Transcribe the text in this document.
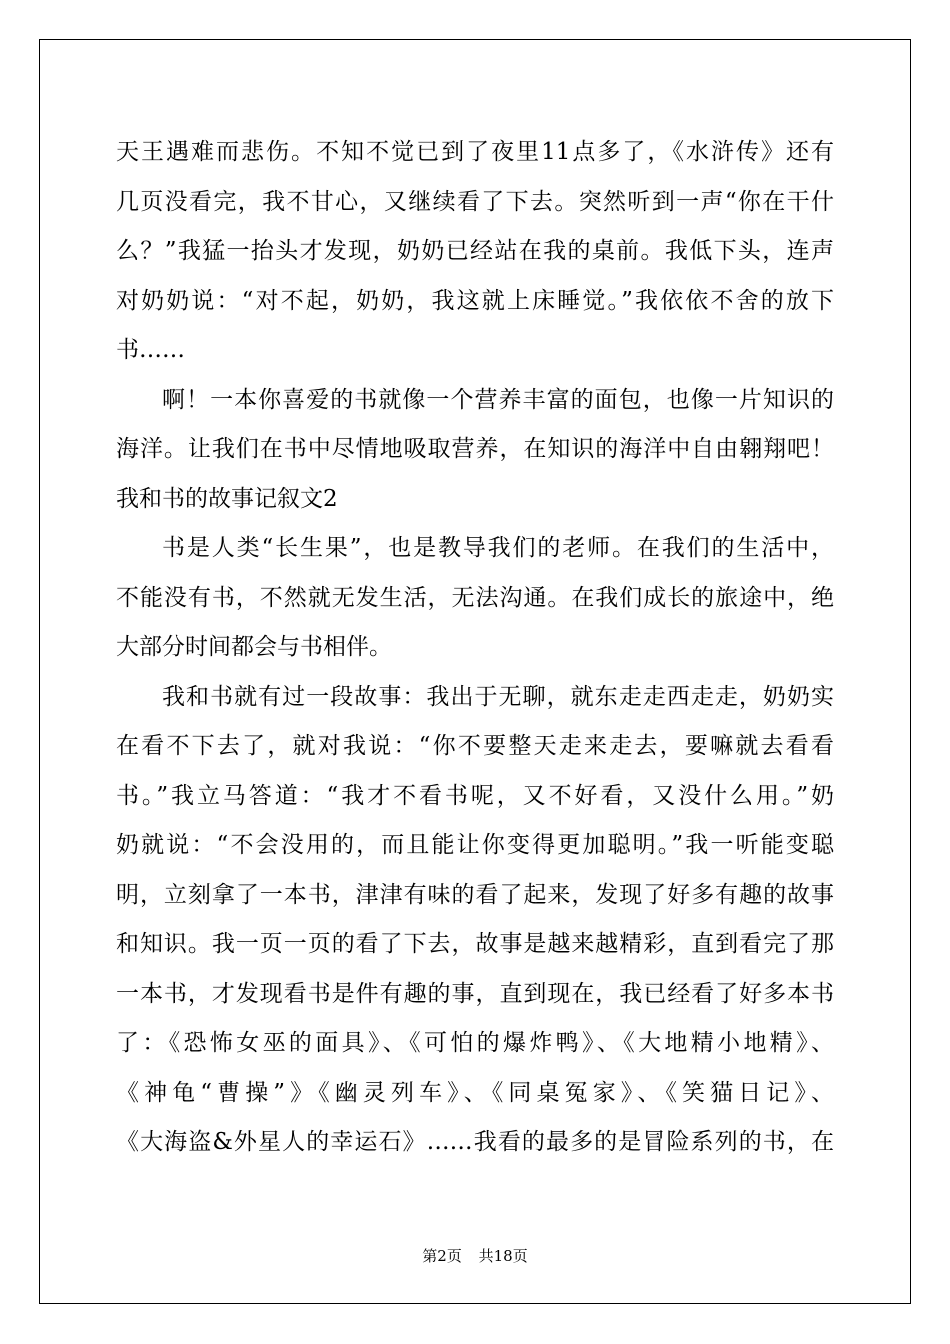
天王遇难而悲伤。不知不觉已到了夜里11点多了，《水浒传》还有
几页没看完，我不甘心，又继续看了下去。突然听到一声“你在干什
么？”我猛一抬头才发现，奶奶已经站在我的桌前。我低下头，连声
对奶奶说：“对不起，奶奶，我这就上床睡觉。”我依依不舍的放下
书……
啊！一本你喜爱的书就像一个营养丰富的面包，也像一片知识的
海洋。让我们在书中尽情地吸取营养，在知识的海洋中自由翱翔吧！
我和书的故事记叙文2
书是人类“长生果”，也是教导我们的老师。在我们的生活中，
不能没有书，不然就无发生活，无法沟通。在我们成长的旅途中，绝
大部分时间都会与书相伴。
我和书就有过一段故事：我出于无聊，就东走走西走走，奶奶实
在看不下去了，就对我说：“你不要整天走来走去，要嘛就去看看
书。”我立马答道：“我才不看书呢，又不好看，又没什么用。”奶
奶就说：“不会没用的，而且能让你变得更加聪明。”我一听能变聪
明，立刻拿了一本书，津津有味的看了起来，发现了好多有趣的故事
和知识。我一页一页的看了下去，故事是越来越精彩，直到看完了那
一本书，才发现看书是件有趣的事，直到现在，我已经看了好多本书
了：《恐怖女巫的面具》、《可怕的爆炸鸭》、《大地精小地精》、
《神龟“曹操”》《幽灵列车》、《同桌冤家》、《笑猫日记》、
《大海盗&外星人的幸运石》……我看的最多的是冒险系列的书，在
第2页 共18页
